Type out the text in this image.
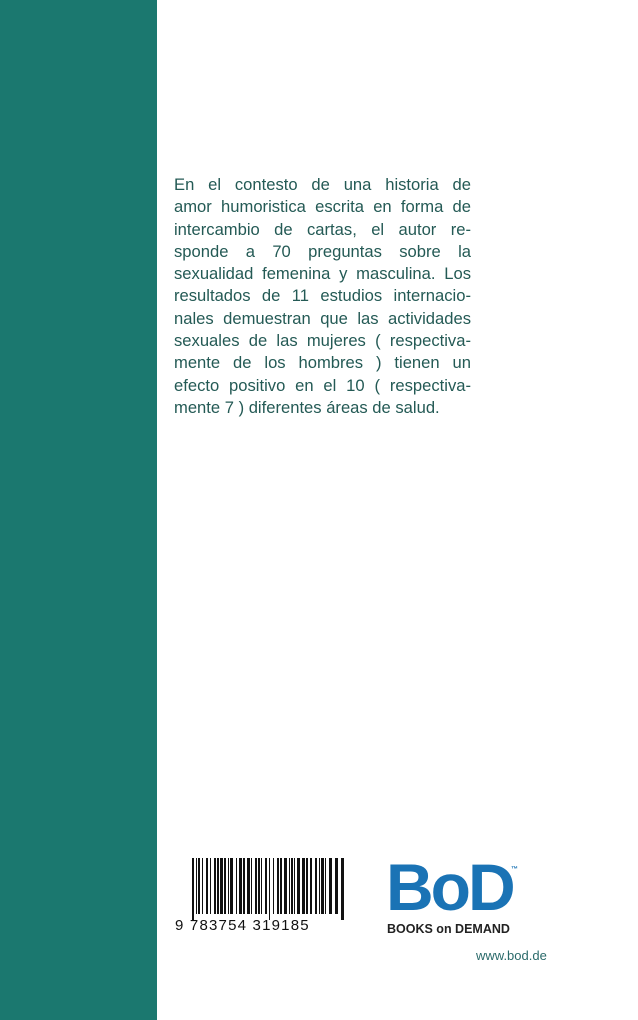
En el contesto de una historia de
amor humoristica escrita en forma de
intercambio de cartas, el autor re-
sponde a 70 preguntas sobre la
sexualidad femenina y masculina. Los
resultados de 11 estudios internacio-
nales demuestran que las actividades
sexuales de las mujeres ( respectiva-
mente de los hombres ) tienen un
efecto positivo en el 10 ( respectiva-
mente 7 ) diferentes áreas de salud.
9 783754 319185
BoD
™
BOOKS on DEMAND
www.bod.de
